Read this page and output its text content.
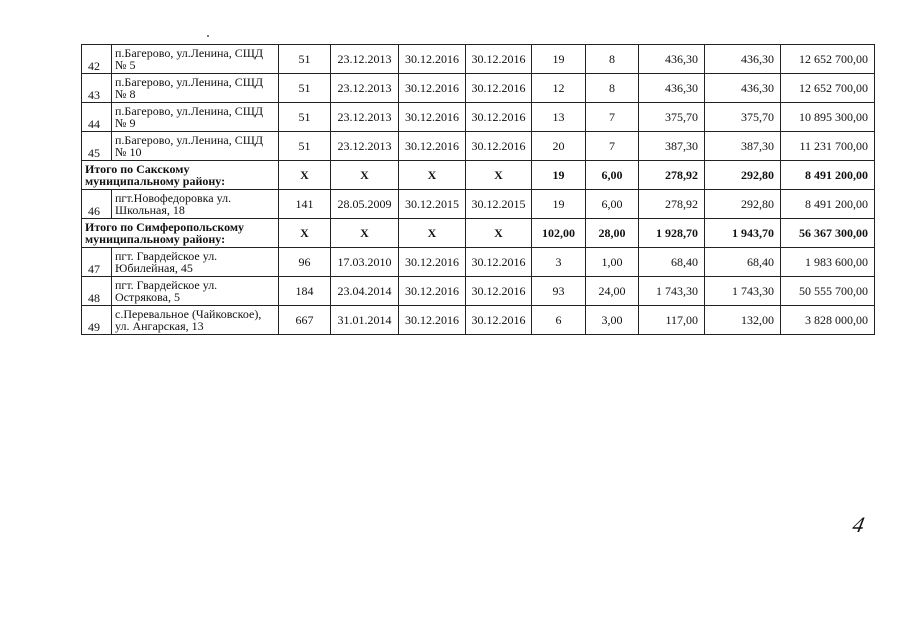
42	п.Багерово, ул.Ленина, СЩД № 5	51	23.12.2013	30.12.2016	30.12.2016	19	8	436,30	436,30	12 652 700,00
43	п.Багерово, ул.Ленина, СЩД № 8	51	23.12.2013	30.12.2016	30.12.2016	12	8	436,30	436,30	12 652 700,00
44	п.Багерово, ул.Ленина, СЩД № 9	51	23.12.2013	30.12.2016	30.12.2016	13	7	375,70	375,70	10 895 300,00
45	п.Багерово, ул.Ленина, СЩД № 10	51	23.12.2013	30.12.2016	30.12.2016	20	7	387,30	387,30	11 231 700,00
Итого по Сакскому муниципальному району:		Х	Х	Х	Х	19	6,00	278,92	292,80	8 491 200,00
46	пгт.Новофедоровка ул. Школьная, 18	141	28.05.2009	30.12.2015	30.12.2015	19	6,00	278,92	292,80	8 491 200,00
Итого по Симферопольскому муниципальному району:		Х	Х	Х	Х	102,00	28,00	1 928,70	1 943,70	56 367 300,00
47	пгт. Гвардейское ул. Юбилейная, 45	96	17.03.2010	30.12.2016	30.12.2016	3	1,00	68,40	68,40	1 983 600,00
48	пгт. Гвардейское ул. Острякова, 5	184	23.04.2014	30.12.2016	30.12.2016	93	24,00	1 743,30	1 743,30	50 555 700,00
49	с.Перевальное (Чайковское), ул. Ангарская, 13	667	31.01.2014	30.12.2016	30.12.2016	6	3,00	117,00	132,00	3 828 000,00
4
